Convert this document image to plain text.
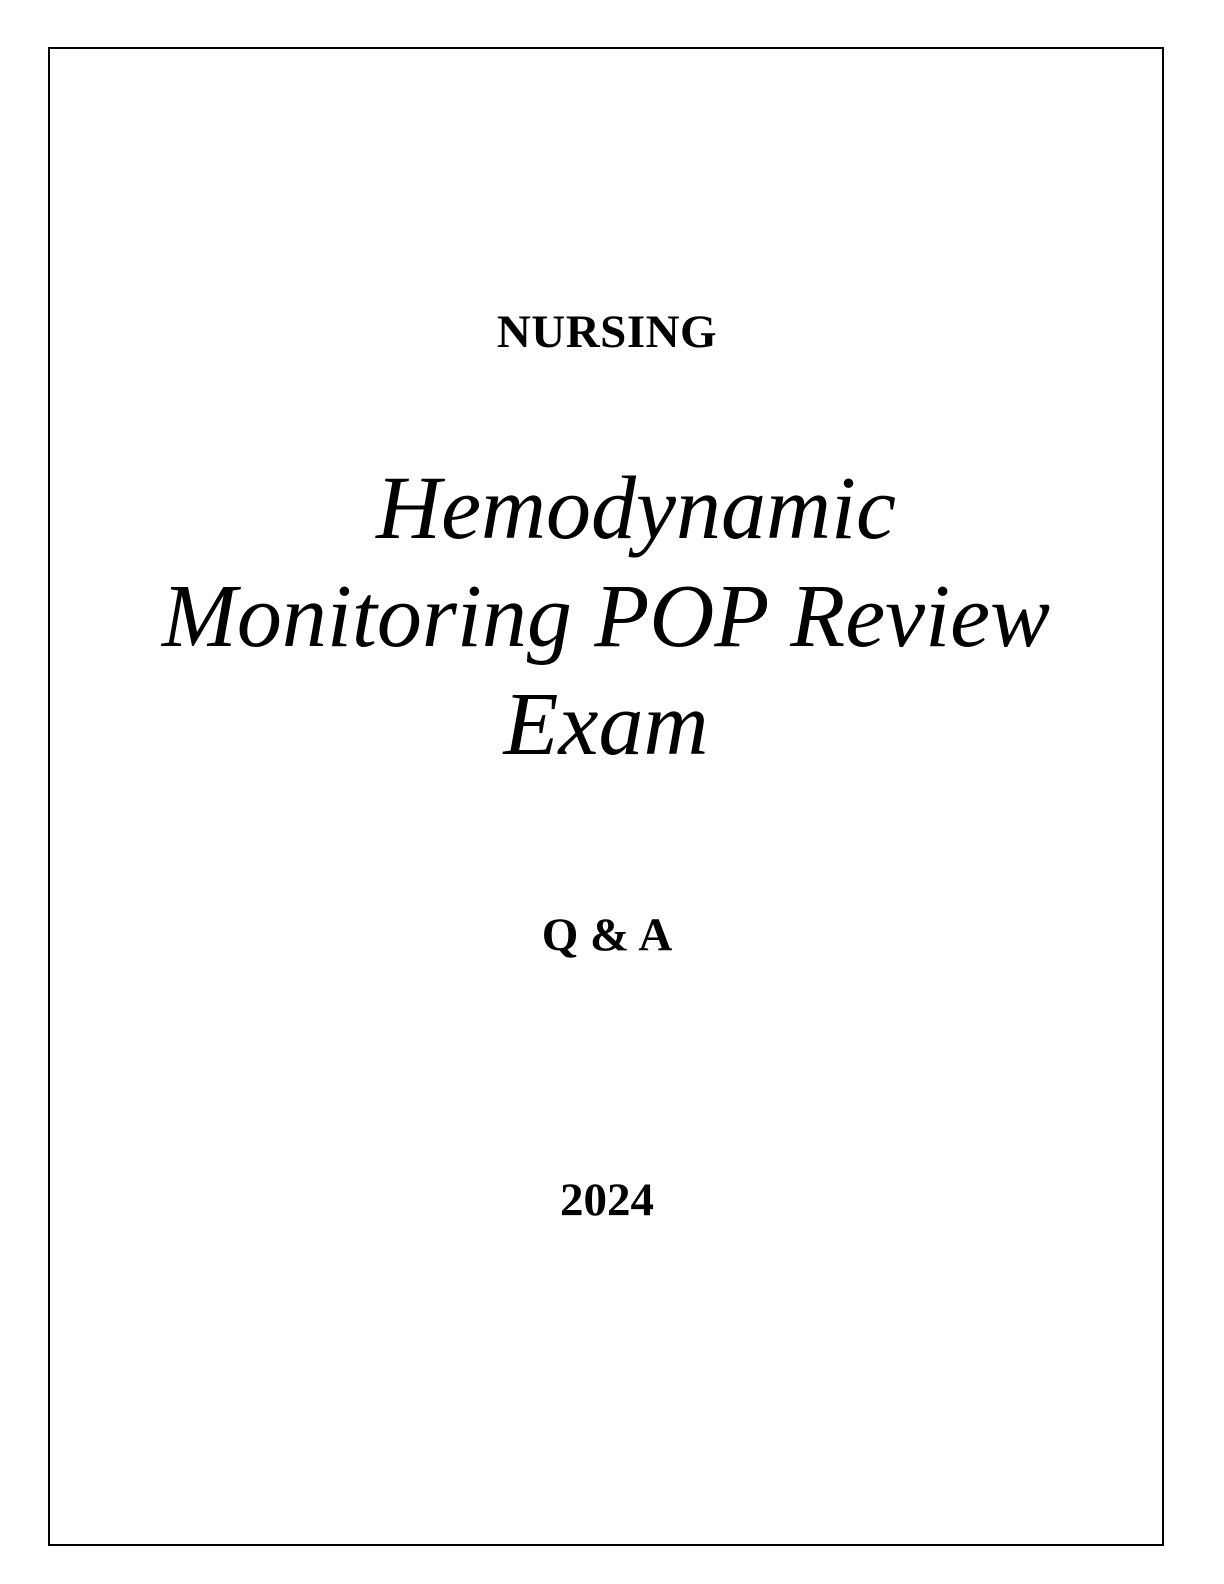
NURSING
Hemodynamic
Monitoring POP Review
Exam
Q & A
2024
